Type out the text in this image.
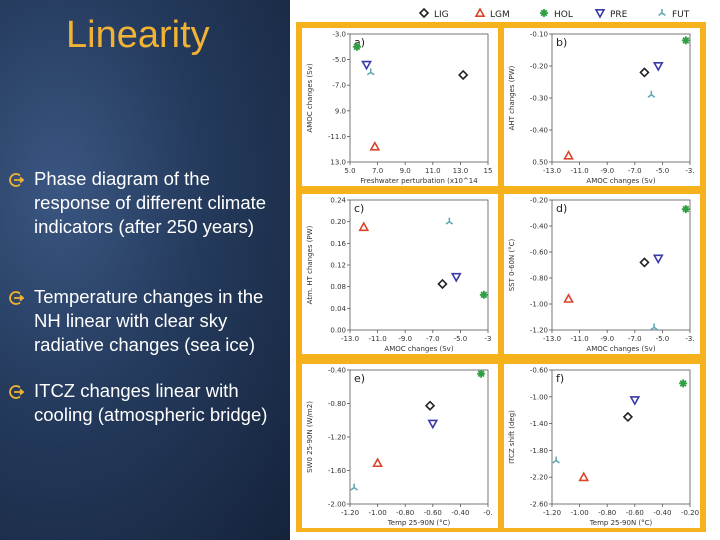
Linearity
Phase diagram of the response of different climate indicators (after 250 years)
Temperature changes in the NH linear with clear sky radiative changes (sea ice)
ITCZ changes linear with cooling (atmospheric bridge)
LIG	LGM	HOL	PRE	FUT
5.0 7.0 9.0 11.0 13.0 15
-3.0
-5.0
-7.0
9.0
-11.0
13.0
Freshwater perturbation (x10^14
AMOC changes (Sv)
a)
-13.0 -11.0 -9.0 -7.0 -5.0 -3.
-0.10
-0.20
-0.30
-0.40
0.50
AMOC changes (Sv)
AHT changes (PW)
b)
-13.0 -11.0 -9.0 -7.0 -5.0 -3
0.24
0.20
0.16
0.12
0.08
0.04
0.00
AMOC changes (Sv)
Atm. HT changes (PW)
c)
-13.0 -11.0 -9.0 -7.0 -5.0 -3.
-0.20
-0.40
-0.60
-0.80
-1.00
-1.20
AMOC changes (Sv)
SST 0-60N (°C)
d)
-1.20 -1.00 -0.80 -0.60 -0.40 -0.
-0.40
-0.80
-1.20
-1.60
-2.00
Temp 25-90N (°C)
SW0 25-90N (W/m2)
e)
-1.20 -1.00 -0.80 -0.60 -0.40 -0.20
-0.60
-1.00
-1.40
-1.80
-2.20
-2.60
Temp 25-90N (°C)
ITCZ shift (deg)
f)
